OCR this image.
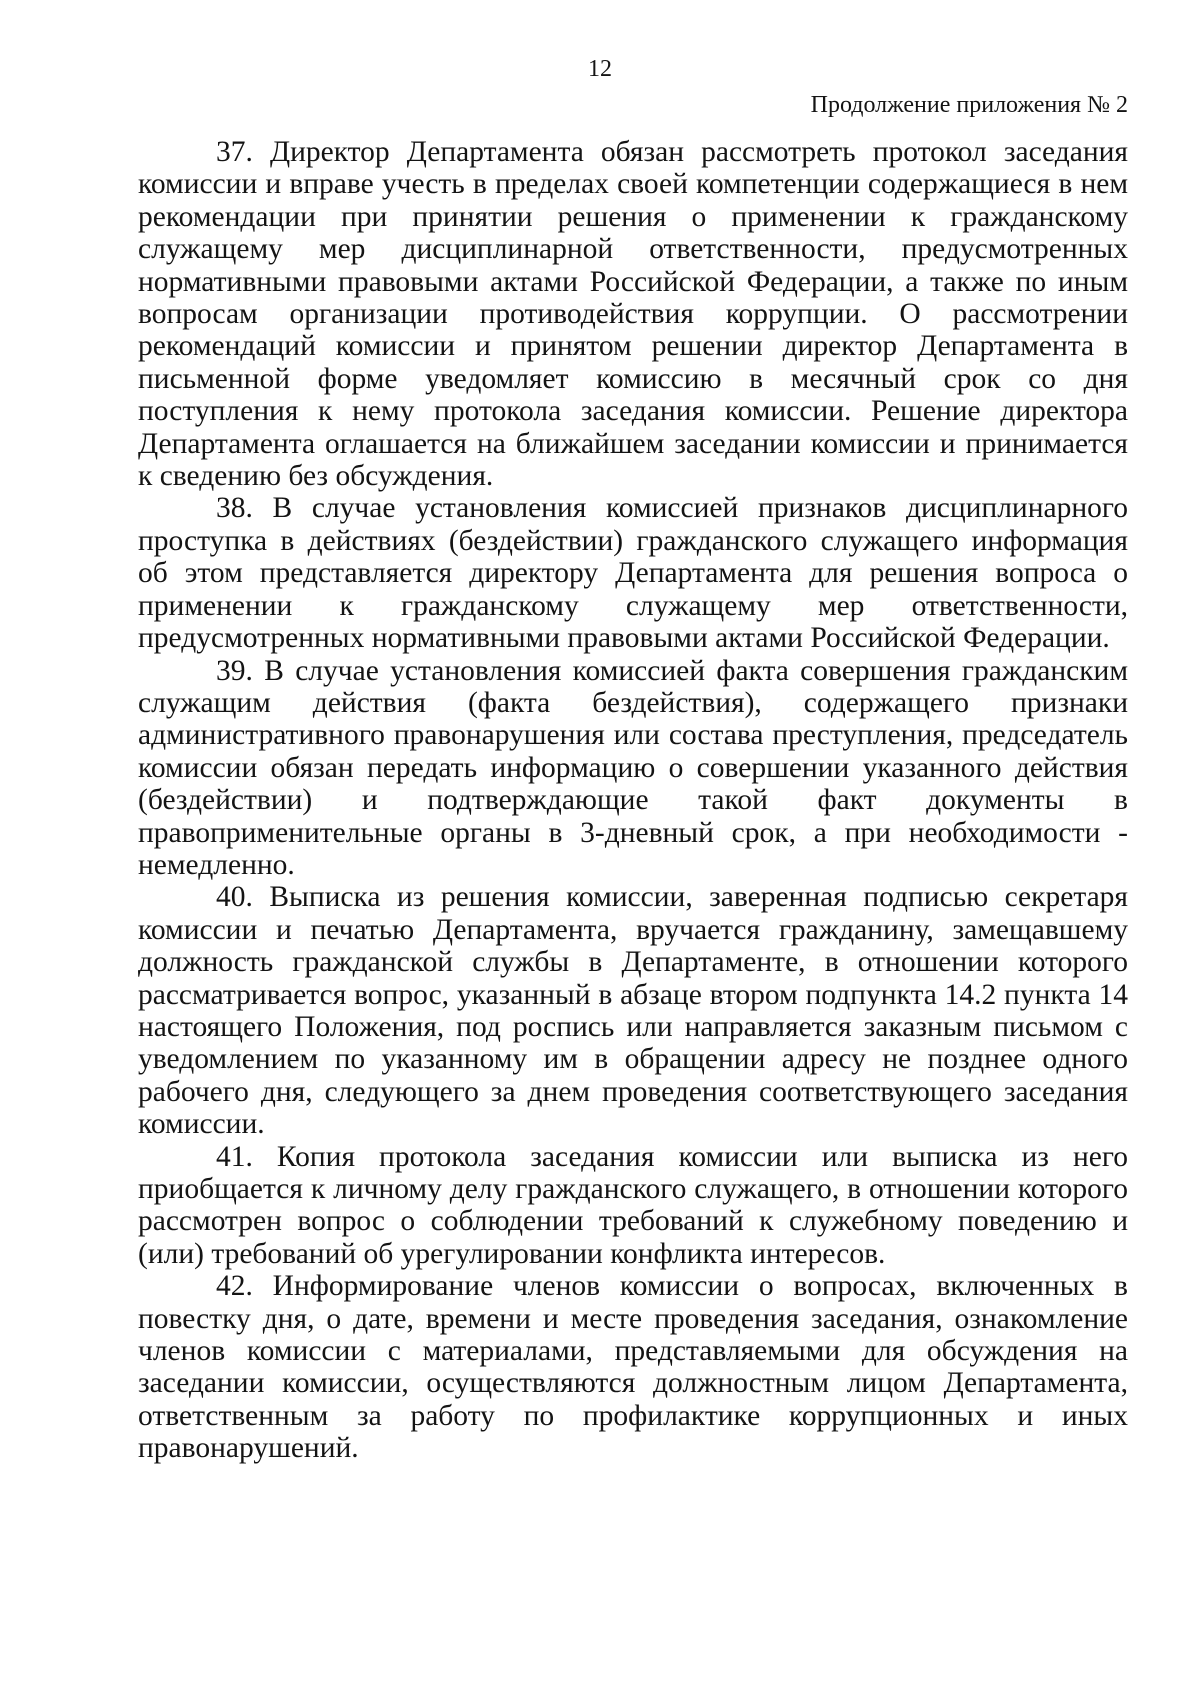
12
Продолжение приложения № 2

37. Директор Департамента обязан рассмотреть протокол заседания комиссии и вправе учесть в пределах своей компетенции содержащиеся в нем рекомендации при принятии решения о применении к гражданскому служащему мер дисциплинарной ответственности, предусмотренных нормативными правовыми актами Российской Федерации, а также по иным вопросам организации противодействия коррупции. О рассмотрении рекомендаций комиссии и принятом решении директор Департамента в письменной форме уведомляет комиссию в месячный срок со дня поступления к нему протокола заседания комиссии. Решение директора Департамента оглашается на ближайшем заседании комиссии и принимается к сведению без обсуждения.

38. В случае установления комиссией признаков дисциплинарного проступка в действиях (бездействии) гражданского служащего информация об этом представляется директору Департамента для решения вопроса о применении к гражданскому служащему мер ответственности, предусмотренных нормативными правовыми актами Российской Федерации.

39. В случае установления комиссией факта совершения гражданским служащим действия (факта бездействия), содержащего признаки административного правонарушения или состава преступления, председатель комиссии обязан передать информацию о совершении указанного действия (бездействии) и подтверждающие такой факт документы в правоприменительные органы в 3-дневный срок, а при необходимости - немедленно.

40. Выписка из решения комиссии, заверенная подписью секретаря комиссии и печатью Департамента, вручается гражданину, замещавшему должность гражданской службы в Департаменте, в отношении которого рассматривается вопрос, указанный в абзаце втором подпункта 14.2 пункта 14 настоящего Положения, под роспись или направляется заказным письмом с уведомлением по указанному им в обращении адресу не позднее одного рабочего дня, следующего за днем проведения соответствующего заседания комиссии.

41. Копия протокола заседания комиссии или выписка из него приобщается к личному делу гражданского служащего, в отношении которого рассмотрен вопрос о соблюдении требований к служебному поведению и (или) требований об урегулировании конфликта интересов.

42. Информирование членов комиссии о вопросах, включенных в повестку дня, о дате, времени и месте проведения заседания, ознакомление членов комиссии с материалами, представляемыми для обсуждения на заседании комиссии, осуществляются должностным лицом Департамента, ответственным за работу по профилактике коррупционных и иных правонарушений.
